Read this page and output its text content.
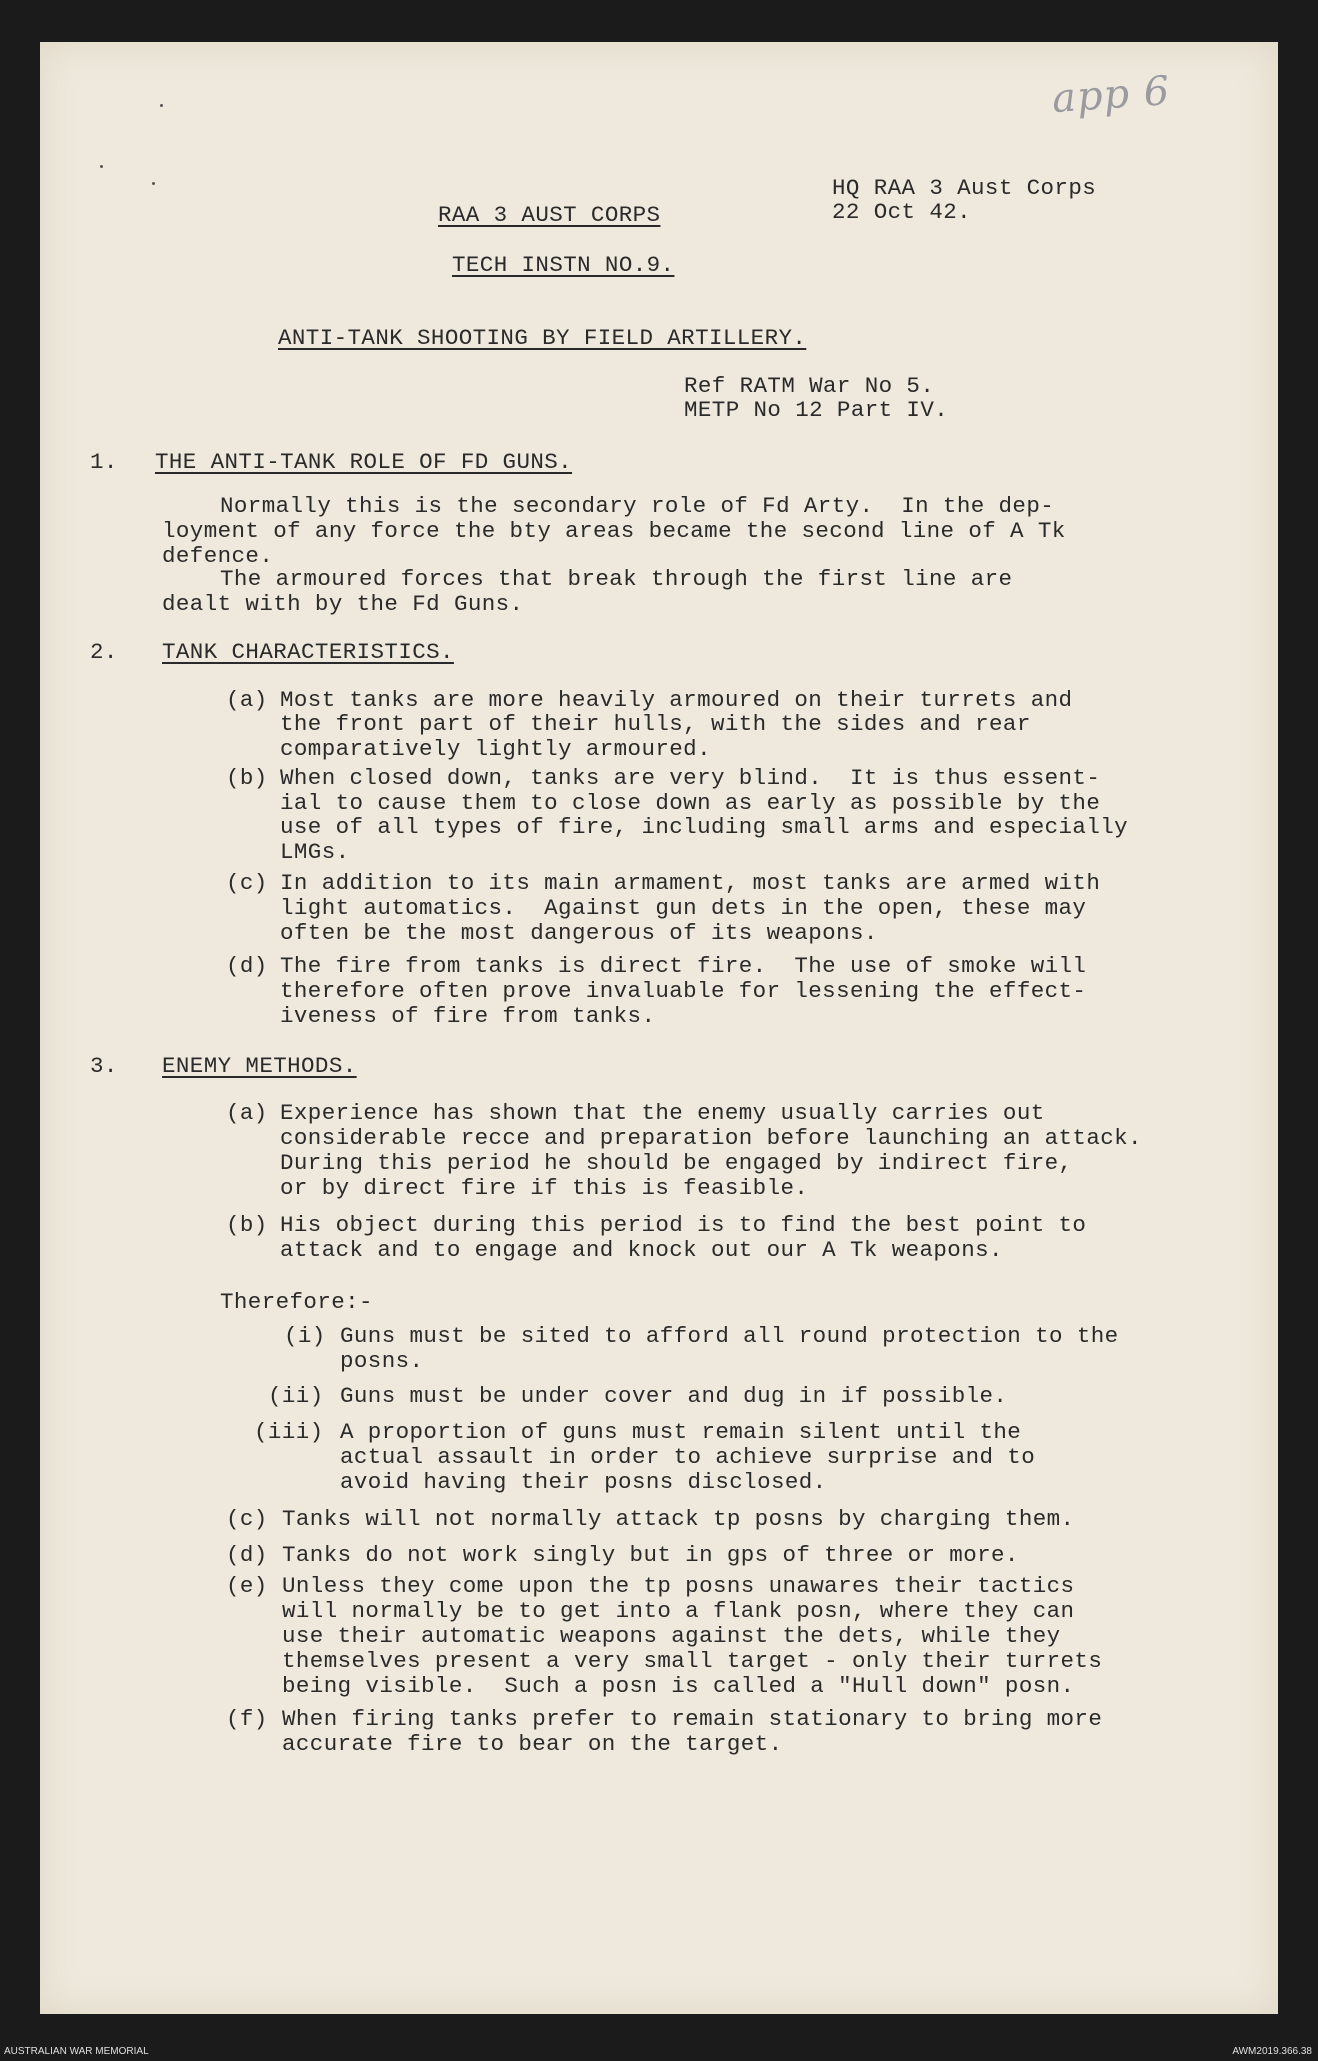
app 6
HQ RAA 3 Aust Corps
22 Oct 42.
RAA 3 AUST CORPS
TECH INSTN NO.9.
ANTI-TANK SHOOTING BY FIELD ARTILLERY.
Ref RATM War No 5.
METP No 12 Part IV.
1. THE ANTI-TANK ROLE OF FD GUNS.
Normally this is the secondary role of Fd Arty.  In the dep-
loyment of any force the bty areas became the second line of A Tk
defence.
The armoured forces that break through the first line are
dealt with by the Fd Guns.
2. TANK CHARACTERISTICS.
(a) Most tanks are more heavily armoured on their turrets and
the front part of their hulls, with the sides and rear
comparatively lightly armoured.
(b) When closed down, tanks are very blind.  It is thus essent-
ial to cause them to close down as early as possible by the
use of all types of fire, including small arms and especially
LMGs.
(c) In addition to its main armament, most tanks are armed with
light automatics.  Against gun dets in the open, these may
often be the most dangerous of its weapons.
(d) The fire from tanks is direct fire.  The use of smoke will
therefore often prove invaluable for lessening the effect-
iveness of fire from tanks.
3. ENEMY METHODS.
(a) Experience has shown that the enemy usually carries out
considerable recce and preparation before launching an attack.
During this period he should be engaged by indirect fire,
or by direct fire if this is feasible.
(b) His object during this period is to find the best point to
attack and to engage and knock out our A Tk weapons.
Therefore:-
(i) Guns must be sited to afford all round protection to the
posns.
(ii) Guns must be under cover and dug in if possible.
(iii) A proportion of guns must remain silent until the
actual assault in order to achieve surprise and to
avoid having their posns disclosed.
(c) Tanks will not normally attack tp posns by charging them.
(d) Tanks do not work singly but in gps of three or more.
(e) Unless they come upon the tp posns unawares their tactics
will normally be to get into a flank posn, where they can
use their automatic weapons against the dets, while they
themselves present a very small target - only their turrets
being visible.  Such a posn is called a "Hull down" posn.
(f) When firing tanks prefer to remain stationary to bring more
accurate fire to bear on the target.
AUSTRALIAN WAR MEMORIAL	AWM2019.366.38
